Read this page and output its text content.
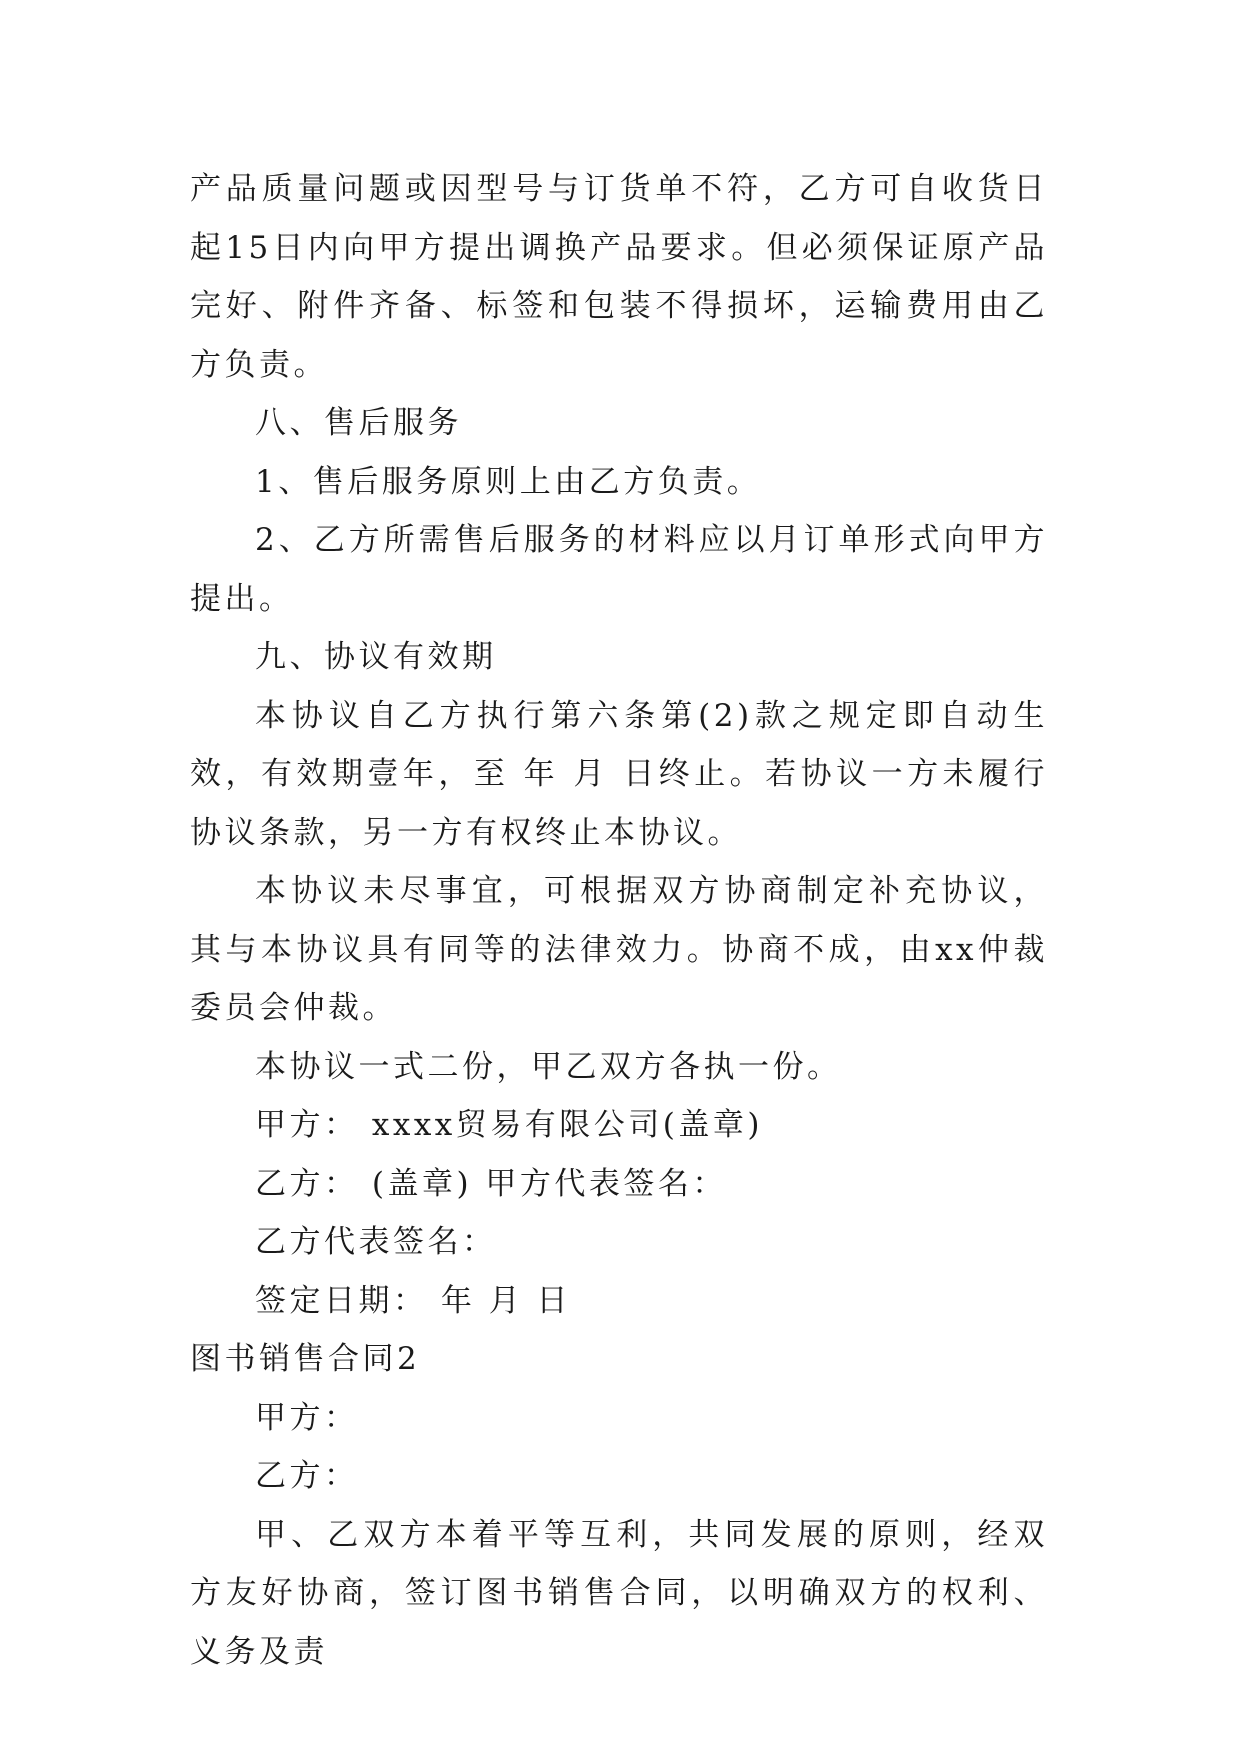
产品质量问题或因型号与订货单不符，乙方可自收货日起15日内向甲方提出调换产品要求。但必须保证原产品完好、附件齐备、标签和包装不得损坏，运输费用由乙方负责。

八、售后服务

1、售后服务原则上由乙方负责。

2、乙方所需售后服务的材料应以月订单形式向甲方提出。

九、协议有效期

本协议自乙方执行第六条第(2)款之规定即自动生效，有效期壹年，至 年 月 日终止。若协议一方未履行协议条款，另一方有权终止本协议。

本协议未尽事宜，可根据双方协商制定补充协议，其与本协议具有同等的法律效力。协商不成，由xx仲裁委员会仲裁。

本协议一式二份，甲乙双方各执一份。

甲方： xxxx贸易有限公司(盖章)

乙方： (盖章) 甲方代表签名：

乙方代表签名：

签定日期： 年 月 日

图书销售合同2

甲方：

乙方：

甲、乙双方本着平等互利，共同发展的原则，经双方友好协商，签订图书销售合同，以明确双方的权利、义务及责
